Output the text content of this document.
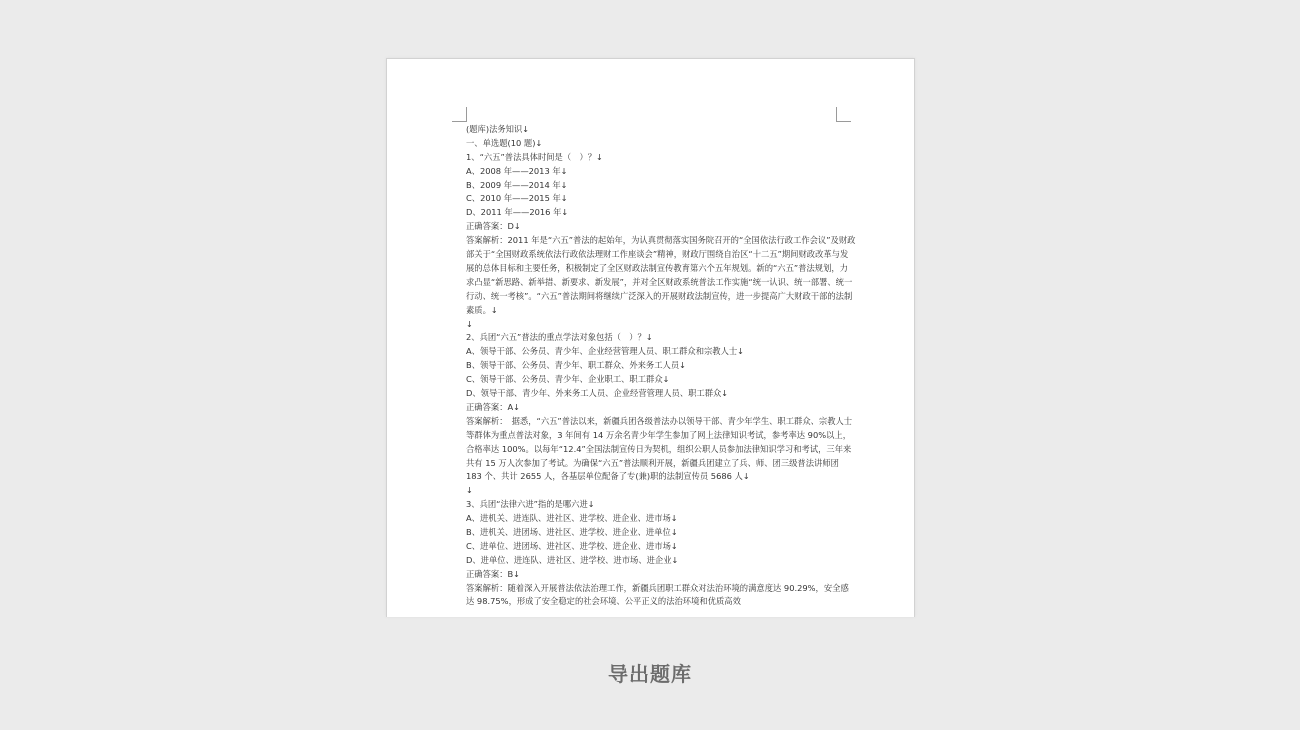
(题库)法务知识↓
一、单选题(10 题)↓
1、“六五”普法具体时间是（　）？↓
A、2008 年——2013 年↓
B、2009 年——2014 年↓
C、2010 年——2015 年↓
D、2011 年——2016 年↓
正确答案：D↓
答案解析：2011 年是“六五”普法的起始年，为认真贯彻落实国务院召开的“全国依法行政工作会议”及财政部关于“全国财政系统依法行政依法理财工作座谈会”精神，财政厅围绕自治区“十二五”期间财政改革与发展的总体目标和主要任务，积极制定了全区财政法制宣传教育第六个五年规划。新的“六五”普法规划，力求凸显“新思路、新举措、新要求、新发展”，并对全区财政系统普法工作实施“统一认识、统一部署、统一行动、统一考核”。“六五”普法期间将继续广泛深入的开展财政法制宣传，进一步提高广大财政干部的法制素质。↓
↓
2、兵团“六五”普法的重点学法对象包括（　）？↓
A、领导干部、公务员、青少年、企业经营管理人员、职工群众和宗教人士↓
B、领导干部、公务员、青少年、职工群众、外来务工人员↓
C、领导干部、公务员、青少年、企业职工、职工群众↓
D、领导干部、青少年、外来务工人员、企业经营管理人员、职工群众↓
正确答案：A↓
答案解析：　据悉，“六五”普法以来，新疆兵团各级普法办以领导干部、青少年学生、职工群众、宗教人士等群体为重点普法对象，3 年间有 14 万余名青少年学生参加了网上法律知识考试，参考率达 90%以上，合格率达 100%。以每年“12.4”全国法制宣传日为契机，组织公职人员参加法律知识学习和考试，三年来共有 15 万人次参加了考试。为确保“六五”普法顺利开展，新疆兵团建立了兵、师、团三级普法讲师团 183 个、共计 2655 人，各基层单位配备了专(兼)职的法制宣传员 5686 人↓
↓
3、兵团“法律六进”指的是哪六进↓
A、进机关、进连队、进社区、进学校、进企业、进市场↓
B、进机关、进团场、进社区、进学校、进企业、进单位↓
C、进单位、进团场、进社区、进学校、进企业、进市场↓
D、进单位、进连队、进社区、进学校、进市场、进企业↓
正确答案：B↓
答案解析：随着深入开展普法依法治理工作，新疆兵团职工群众对法治环境的满意度达 90.29%，安全感达 98.75%，形成了安全稳定的社会环境、公平正义的法治环境和优质高效
导出题库
